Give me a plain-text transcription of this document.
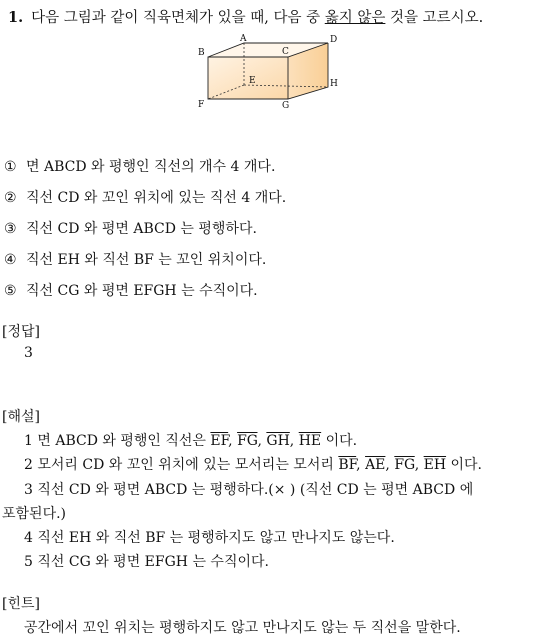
1. 다음 그림과 같이 직육면체가 있을 때, 다음 중 옳지 않은 것을 고르시오.
A
B	C
D
E
F	G
H
① 면 ABCD 와 평행인 직선의 개수 4 개다.
② 직선 CD 와 꼬인 위치에 있는 직선 4 개다.
③ 직선 CD 와 평면 ABCD 는 평행하다.
④ 직선 EH 와 직선 BF 는 꼬인 위치이다.
⑤ 직선 CG 와 평면 EFGH 는 수직이다.
[정답]
3
[해설]
1 면 ABCD 와 평행인 직선은 $\overline{EF}$, $\overline{FG}$, $\overline{GH}$, $\overline{HE}$ 이다.
2 모서리 CD 와 꼬인 위치에 있는 모서리는 모서리 $\overline{BF}$, $\overline{AE}$, $\overline{FG}$, $\overline{EH}$ 이다.
3 직선 CD 와 평면 ABCD 는 평행하다.(× ) (직선 CD 는 평면 ABCD 에
포함된다.)
4 직선 EH 와 직선 BF 는 평행하지도 않고 만나지도 않는다.
5 직선 CG 와 평면 EFGH 는 수직이다.
[힌트]
공간에서 꼬인 위치는 평행하지도 않고 만나지도 않는 두 직선을 말한다.
